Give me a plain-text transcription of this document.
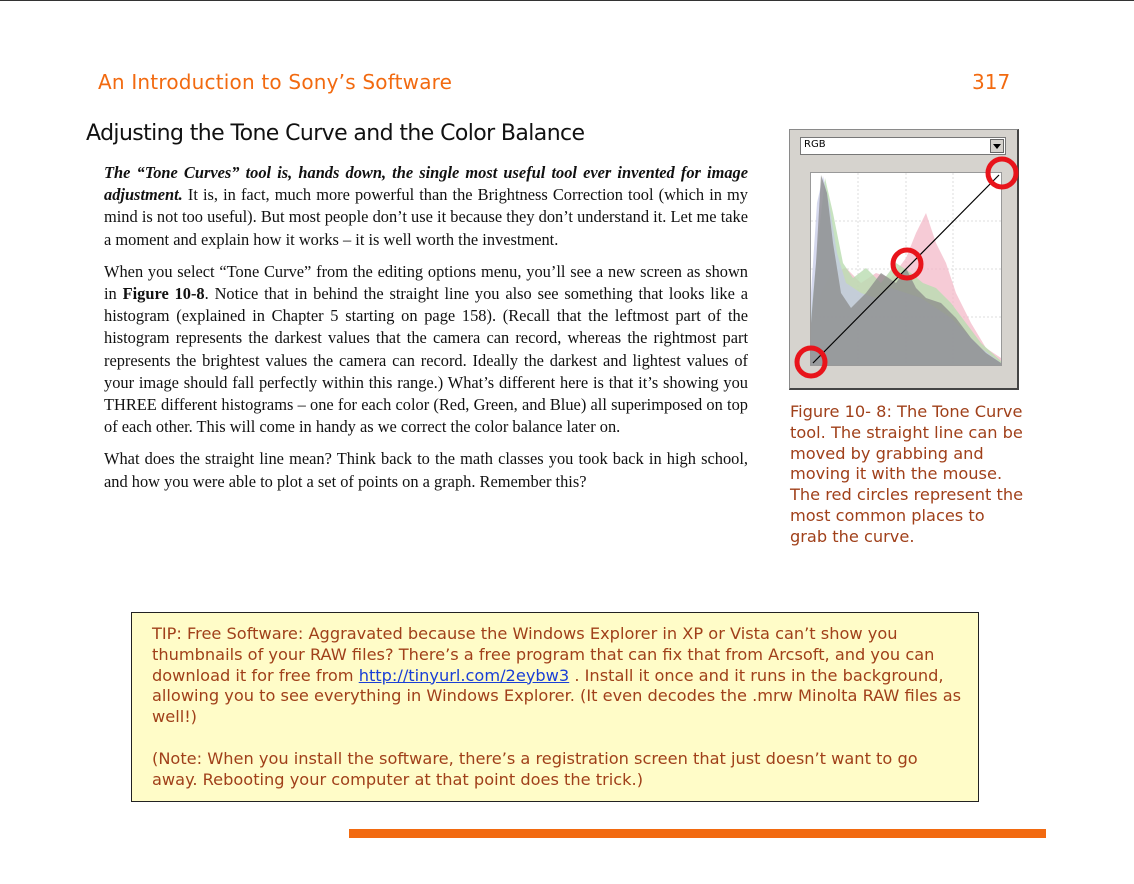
An Introduction to Sony’s Software	317
Adjusting the Tone Curve and the Color Balance

The “Tone Curves” tool is, hands down, the single most useful tool ever invented for image adjustment. It is, in fact, much more powerful than the Brightness Correction tool (which in my mind is not too useful). But most people don’t use it because they don’t understand it. Let me take a moment and explain how it works – it is well worth the investment.

When you select “Tone Curve” from the editing options menu, you’ll see a new screen as shown in Figure 10-8. Notice that in behind the straight line you also see something that looks like a histogram (explained in Chapter 5 starting on page 158). (Recall that the leftmost part of the histogram represents the darkest values that the camera can record, whereas the rightmost part represents the brightest values the camera can record. Ideally the darkest and lightest values of your image should fall perfectly within this range.) What’s different here is that it’s showing you THREE different histograms – one for each color (Red, Green, and Blue) all superimposed on top of each other. This will come in handy as we correct the color balance later on.

What does the straight line mean? Think back to the math classes you took back in high school, and how you were able to plot a set of points on a graph. Remember this?

RGB
Figure 10- 8: The Tone Curve tool. The straight line can be moved by grabbing and moving it with the mouse. The red circles represent the most common places to grab the curve.

TIP: Free Software: Aggravated because the Windows Explorer in XP or Vista can’t show you thumbnails of your RAW files? There’s a free program that can fix that from Arcsoft, and you can download it for free from http://tinyurl.com/2eybw3 . Install it once and it runs in the background, allowing you to see everything in Windows Explorer. (It even decodes the .mrw Minolta RAW files as well!)

(Note: When you install the software, there’s a registration screen that just doesn’t want to go away. Rebooting your computer at that point does the trick.)
